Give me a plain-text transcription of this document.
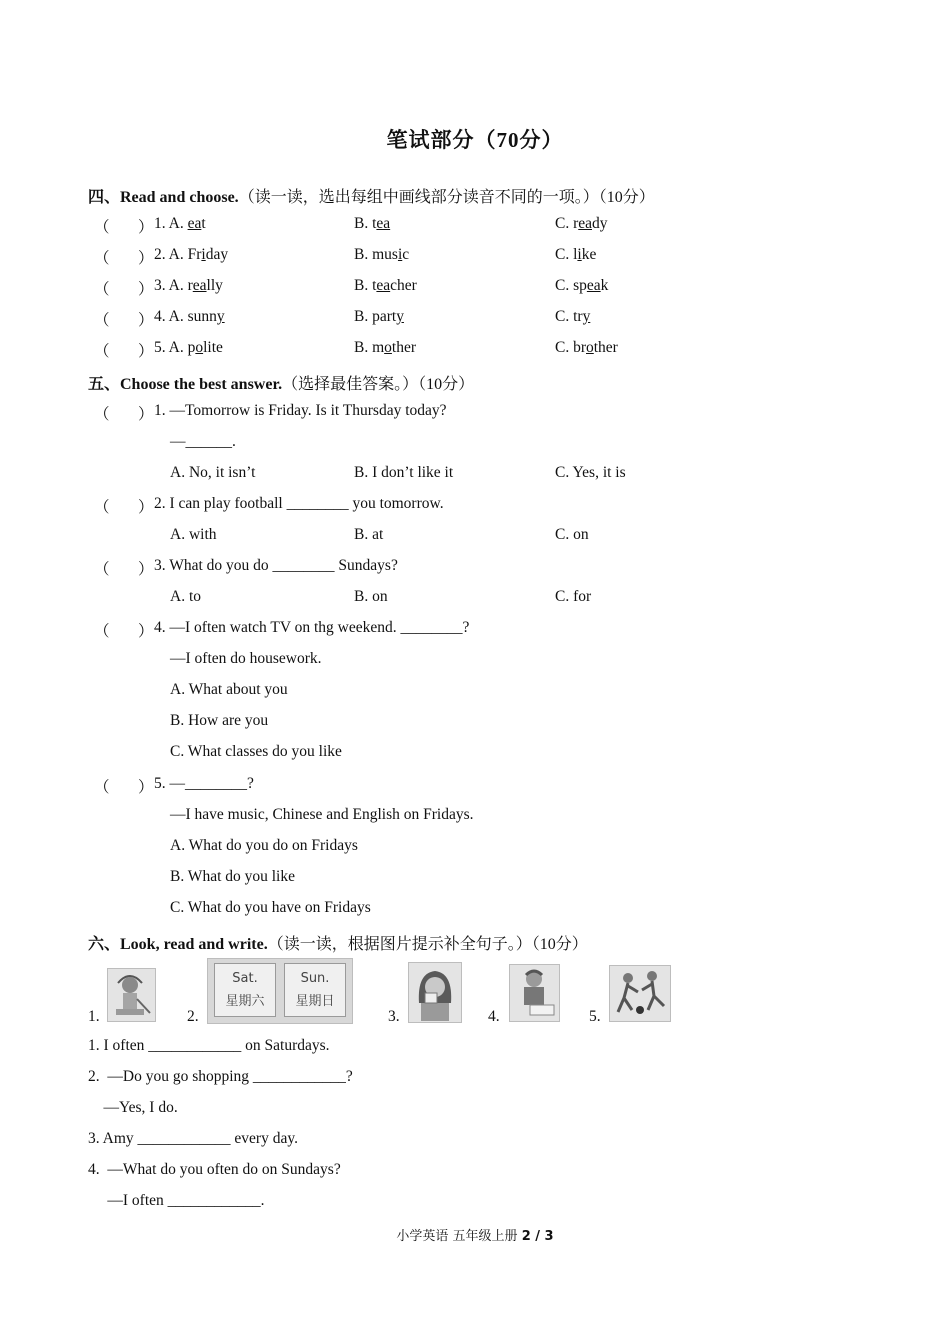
笔试部分（70分）
四、Read and choose.（读一读，选出每组中画线部分读音不同的一项。）（10分）
（ ） 1. A. eat	B. tea	C. ready
（ ） 2. A. Friday	B. music	C. like
（ ） 3. A. really	B. teacher	C. speak
（ ） 4. A. sunny	B. party	C. try
（ ） 5. A. polite	B. mother	C. brother
五、Choose the best answer.（选择最佳答案。）（10分）
（ ） 1. —Tomorrow is Friday. Is it Thursday today?
—______.
A. No, it isn’t	B. I don’t like it	C. Yes, it is
（ ） 2. I can play football ________ you tomorrow.
A. with	B. at	C. on
（ ） 3. What do you do ________ Sundays?
A. to	B. on	C. for
（ ） 4. —I often watch TV on thg weekend. ________?
—I often do housework.
A. What about you
B. How are you
C. What classes do you like
（ ） 5. —________?
—I have music, Chinese and English on Fridays.
A. What do you do on Fridays
B. What do you like
C. What do you have on Fridays
六、Look, read and write.（读一读，根据图片提示补全句子。）（10分）
1.	2.
Sat.
星期六
Sun.
星期日
3.	4.	5.
1. I often ____________ on Saturdays.
2.  —Do you go shopping ____________?
—Yes, I do.
3. Amy ____________ every day.
4.  —What do you often do on Sundays?
—I often ____________.
小学英语 五年级上册 2 / 3
